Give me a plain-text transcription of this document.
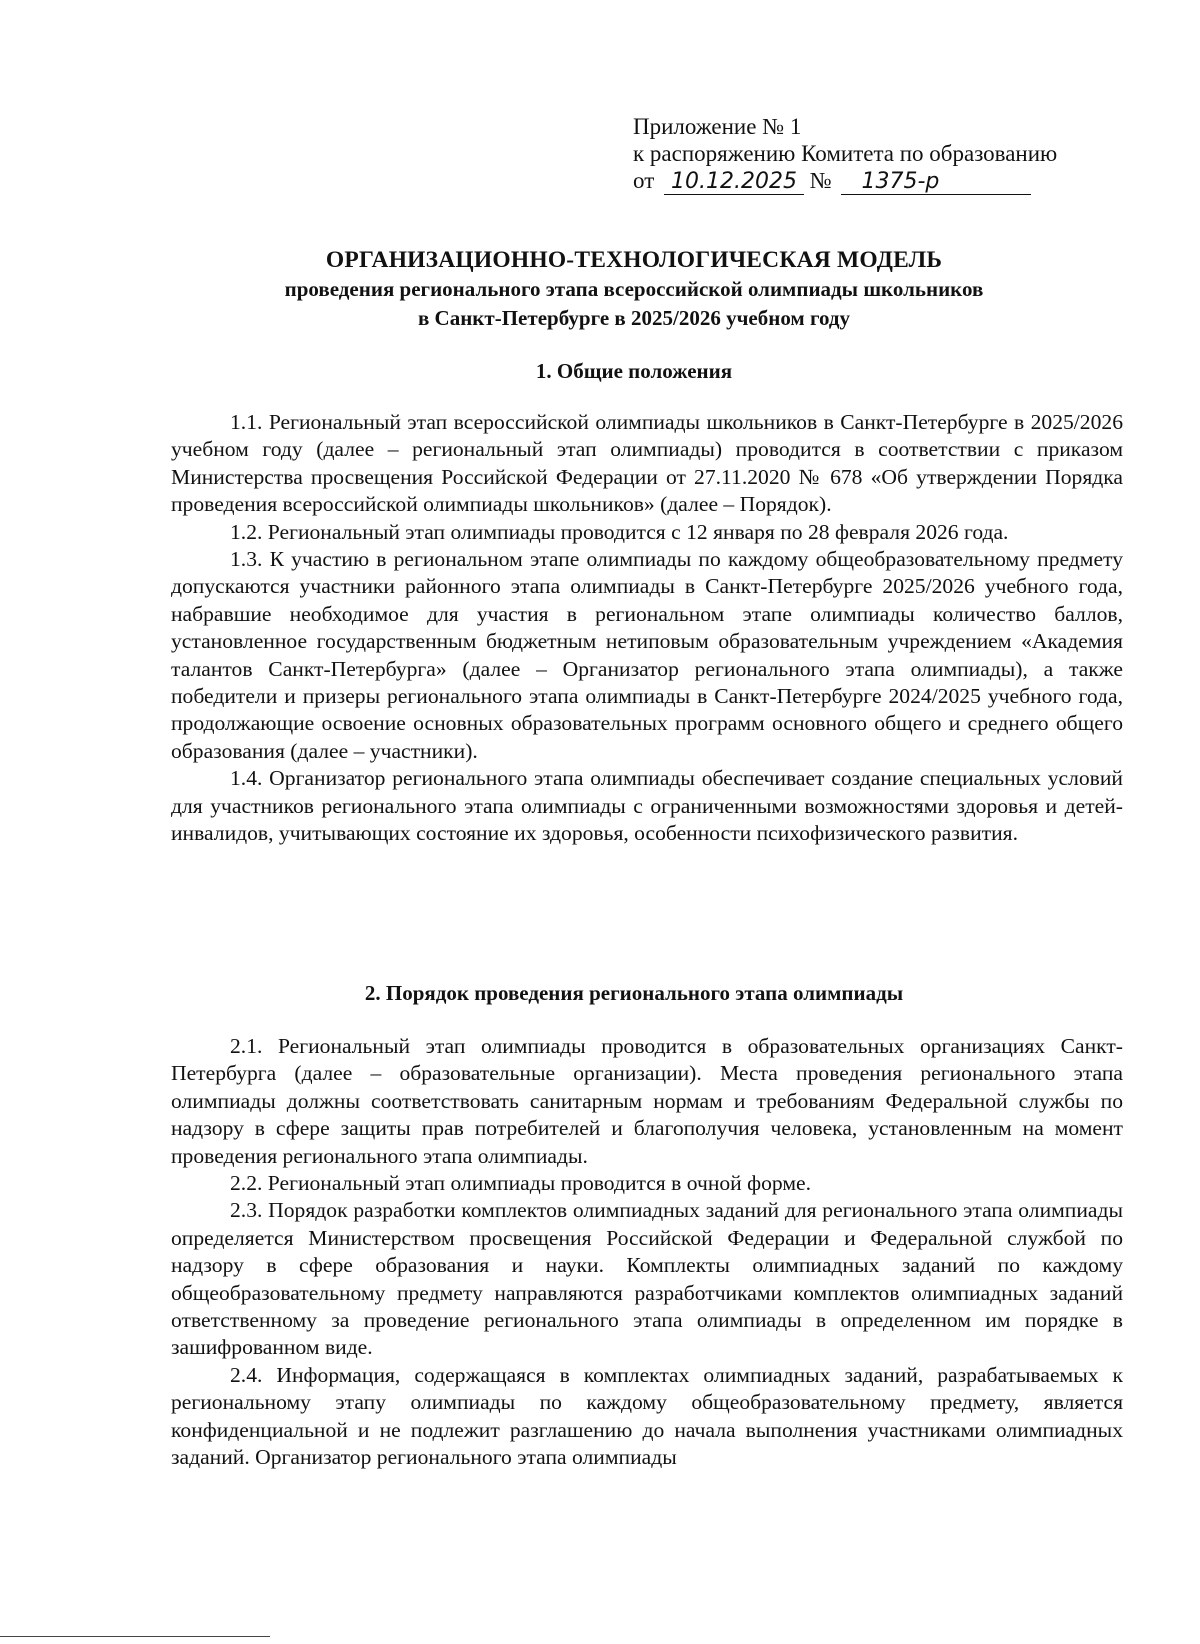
Приложение № 1
к распоряжению Комитета по образованию
от 10.12.2025 № 1375-р
ОРГАНИЗАЦИОННО-ТЕХНОЛОГИЧЕСКАЯ МОДЕЛЬ
проведения регионального этапа всероссийской олимпиады школьников
в Санкт-Петербурге в 2025/2026 учебном году
1. Общие положения

1.1. Региональный этап всероссийской олимпиады школьников в Санкт-Петербурге в 2025/2026 учебном году (далее – региональный этап олимпиады) проводится в соответствии с приказом Министерства просвещения Российской Федерации от 27.11.2020 № 678 «Об утверждении Порядка проведения всероссийской олимпиады школьников» (далее – Порядок).

1.2. Региональный этап олимпиады проводится с 12 января по 28 февраля 2026 года.

1.3. К участию в региональном этапе олимпиады по каждому общеобразовательному предмету допускаются участники районного этапа олимпиады в Санкт-Петербурге 2025/2026 учебного года, набравшие необходимое для участия в региональном этапе олимпиады количество баллов, установленное государственным бюджетным нетиповым образовательным учреждением «Академия талантов Санкт-Петербурга» (далее – Организатор регионального этапа олимпиады), а также победители и призеры регионального этапа олимпиады в Санкт-Петербурге 2024/2025 учебного года, продолжающие освоение основных образовательных программ основного общего и среднего общего образования (далее – участники).

1.4. Организатор регионального этапа олимпиады обеспечивает создание специальных условий для участников регионального этапа олимпиады с ограниченными возможностями здоровья и детей-инвалидов, учитывающих состояние их здоровья, особенности психофизического развития.

2. Порядок проведения регионального этапа олимпиады

2.1. Региональный этап олимпиады проводится в образовательных организациях Санкт-Петербурга (далее – образовательные организации). Места проведения регионального этапа олимпиады должны соответствовать санитарным нормам и требованиям Федеральной службы по надзору в сфере защиты прав потребителей и благополучия человека, установленным на момент проведения регионального этапа олимпиады.

2.2. Региональный этап олимпиады проводится в очной форме.

2.3. Порядок разработки комплектов олимпиадных заданий для регионального этапа олимпиады определяется Министерством просвещения Российской Федерации и Федеральной службой по надзору в сфере образования и науки. Комплекты олимпиадных заданий по каждому общеобразовательному предмету направляются разработчиками комплектов олимпиадных заданий ответственному за проведение регионального этапа олимпиады в определенном им порядке в зашифрованном виде.

2.4. Информация, содержащаяся в комплектах олимпиадных заданий, разрабатываемых к региональному этапу олимпиады по каждому общеобразовательному предмету, является конфиденциальной и не подлежит разглашению до начала выполнения участниками олимпиадных заданий. Организатор регионального этапа олимпиады
